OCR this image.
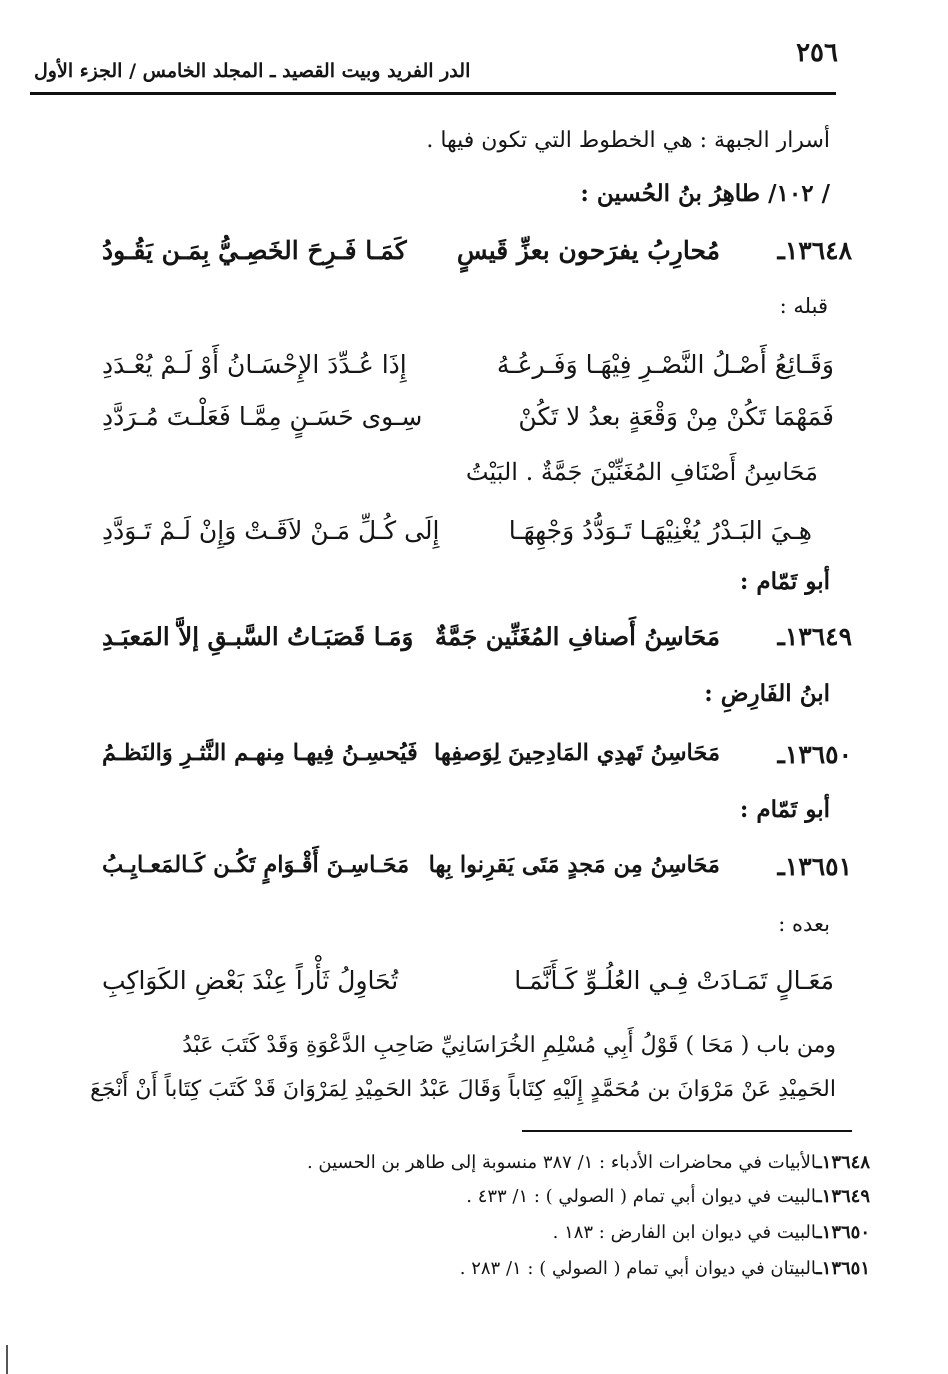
٢٥٦
الدر الفريد وبيت القصيد ـ المجلد الخامس / الجزء الأول
أسرار الجبهة : هي الخطوط التي تكون فيها .
/ ١٠٢/ طاهِرُ بنُ الحُسين :
١٣٦٤٨ـ
مُحارِبُ يفرَحون بعزِّ قَيسٍ
كَمَـا فَـرِحَ الخَصِـيُّ بِمَـن يَقُـودُ
قبله :
وَقَـائِعُ أَصْـلُ النَّصْـرِ فِيْهَـا وَفَـرعُـهُ
إِذَا عُـدِّدَ الإِحْسَـانُ أَوْ لَـمْ يُعْـدَدِ
فَمَهْمَا تَكُنْ مِنْ وَقْعَةٍ بعدُ لا تَكُنْ
سِـوى حَسَـنٍ مِمَّـا فَعَلْـتَ مُـرَدَّدِ
مَحَاسِنُ أَصْنَافِ المُغَنِّيْنَ جَمَّةٌ . البَيْتُ
هِـيَ البَـدْرُ يُغْنِيْهَـا تَـوَدُّدُ وَجْهِهَـا
إِلَى كُـلِّ مَـنْ لاَقَـتْ وَإِنْ لَـمْ تَـوَدَّدِ
أبو تَمّام :
١٣٦٤٩ـ
مَحَاسِنُ أَصنافِ المُغَنِّين جَمَّةٌ
وَمَـا قَصَبَـاتُ السَّبـقِ إلاَّ المَعبَـدِ
ابنُ الفَارِضِ :
١٣٦٥٠ـ
مَحَاسِنُ تَهدِي المَادِحِينَ لِوَصفِها
فَيُحسِـنُ فِيهـا مِنهـم النَّثـرِ وَالنَظـمُ
أبو تَمّام :
١٣٦٥١ـ
مَحَاسِنُ مِن مَجدٍ مَتَى يَقرِنوا بِها
مَحَـاسِـنَ أَقْـوَامٍ تَكُـن كَـالمَعـايِـبُ
بعده :
مَعَـالٍ تَمَـادَتْ فِـي العُلُـوِّ كَـأَنَّمَـا
تُحَاوِلُ ثَأْراً عِنْدَ بَعْضِ الكَوَاكِبِ
ومن باب ( مَحَا ) قَوْلُ أَبِي مُسْلِمِ الخُرَاسَانِيِّ صَاحِبِ الدَّعْوَةِ وَقَدْ كَتَبَ عَبْدُ
الحَمِيْدِ عَنْ مَرْوَانَ بن مُحَمَّدٍ إِلَيْهِ كِتَاباً وَقَالَ عَبْدُ الحَمِيْدِ لِمَرْوَانَ قَدْ كَتَبَ كِتَاباً أَنْ أَنْجَعَ
١٣٦٤٨ـالأبيات في محاضرات الأدباء : ١/ ٣٨٧ منسوبة إلى طاهر بن الحسين .
١٣٦٤٩ـالبيت في ديوان أبي تمام ( الصولي ) : ١/ ٤٣٣ .
١٣٦٥٠ـالبيت في ديوان ابن الفارض : ١٨٣ .
١٣٦٥١ـالبيتان في ديوان أبي تمام ( الصولي ) : ١/ ٢٨٣ .
